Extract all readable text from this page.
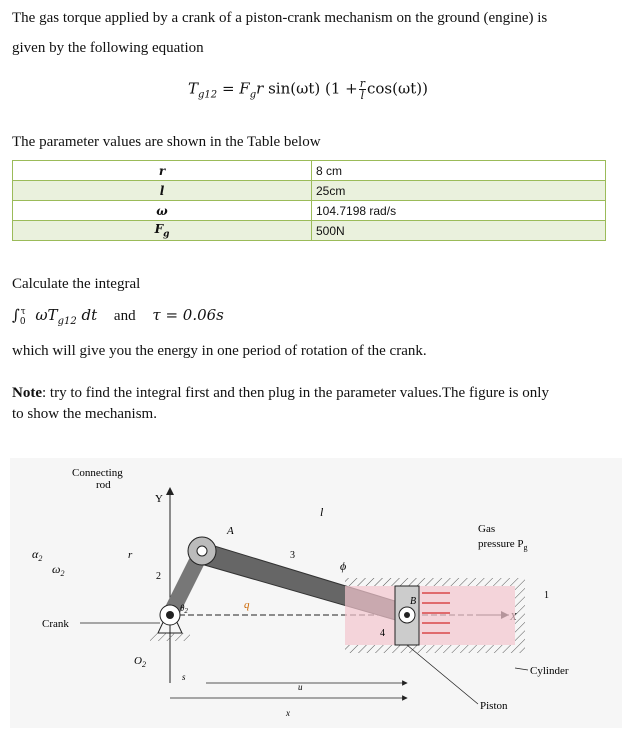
The gas torque applied by a crank of a piston-crank mechanism on the ground (engine) is

given by the following equation

$T_{g12} = F_gr$ sin(ωt) $(1 + \frac{r}{l} \cos(\omega t))$

The parameter values are shown in the Table below

r	8 cm
l	25cm
ω	104.7198 rad/s
$F_g$	500N

Calculate the integral

$\int_0^\tau$ $\omega T_{g12}$ dt and τ = 0.06s

which will give you the energy in one period of rotation of the crank.

Note: try to find the integral first and then plug in the parameter values.The figure is only

to show the mechanism.

Y
Connecting
rod
Crank
Gas
pressure $P_g$
Cylinder
Piston
A
B
$O_2$
1
2
3
4
$\alpha_2$
$\omega_2$
r
l
q
ϕ
$\theta_2$
s
u
x
